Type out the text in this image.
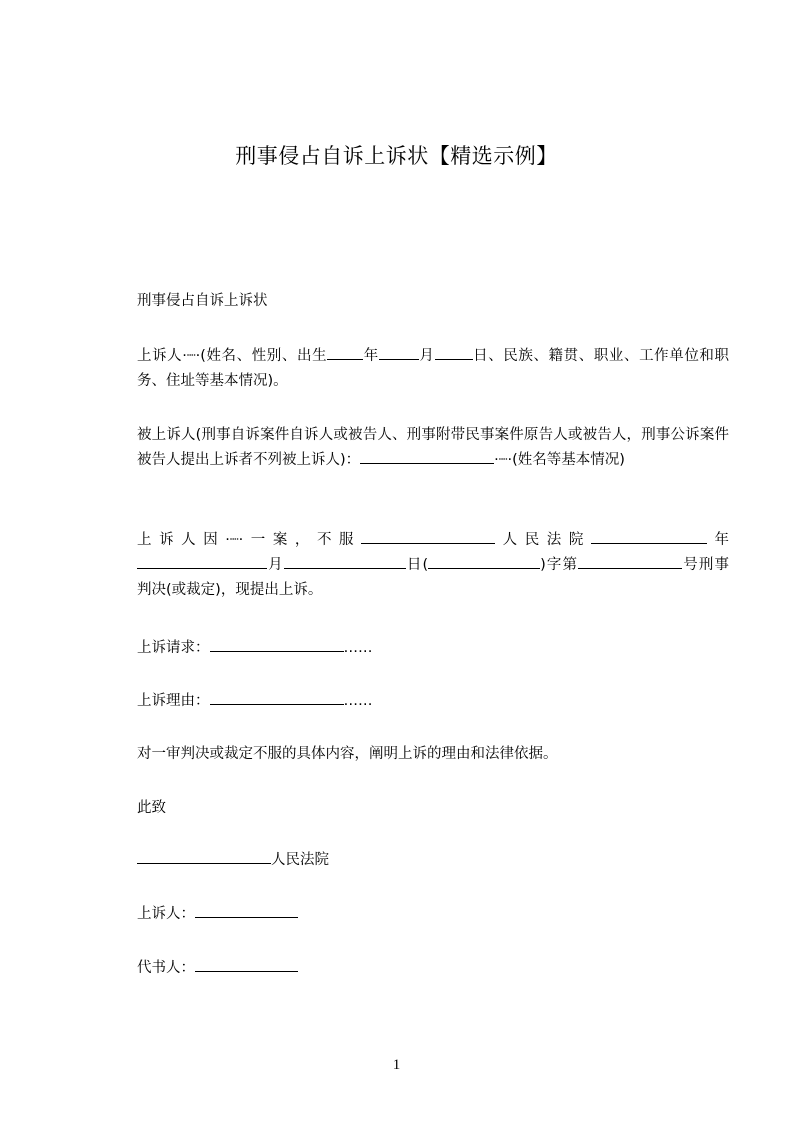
刑事侵占自诉上诉状【精选示例】
刑事侵占自诉上诉状
上诉人·┈·(姓名、性别、出生 年	月	日、民族、籍贯、职业、工作单位和职务、住址等基本情况)。
被上诉人(刑事自诉案件自诉人或被告人、刑事附带民事案件原告人或被告人，刑事公诉案件被告人提出上诉者不列被上诉人)：	·┈·(姓名等基本情况)
上诉人因·┈·一案，不服	人民法院	年月	日(	)字第	号刑事判决(或裁定)，现提出上诉。
上诉请求：	……
上诉理由：	……
对一审判决或裁定不服的具体内容，阐明上诉的理由和法律依据。
此致
人民法院
上诉人：
代书人：
1
